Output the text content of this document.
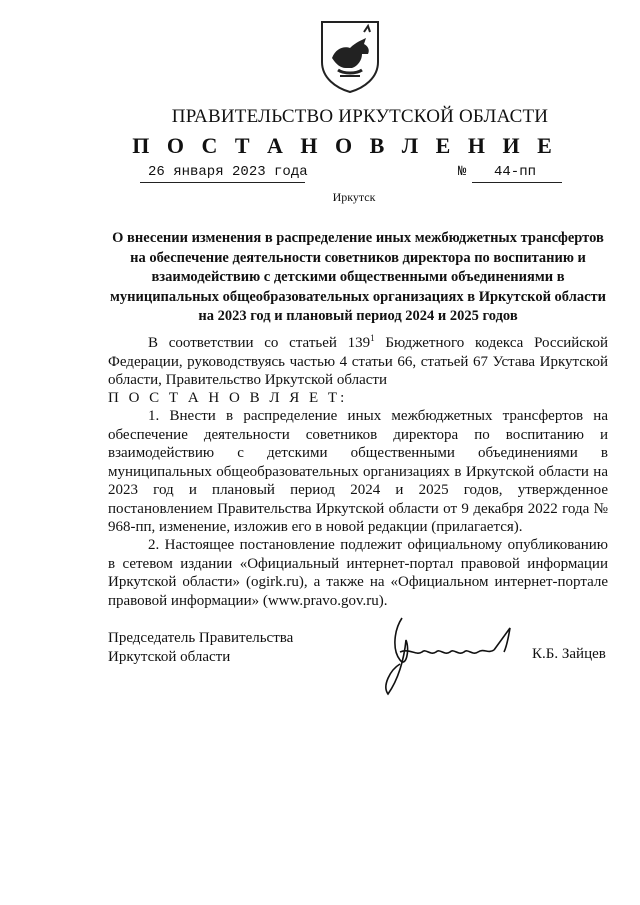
ПРАВИТЕЛЬСТВО ИРКУТСКОЙ ОБЛАСТИ
П О С Т А Н О В Л Е Н И Е
26 января 2023 года	№ 44-пп
Иркутск
О внесении изменения в распределение иных межбюджетных трансфертов на обеспечение деятельности советников директора по воспитанию и взаимодействию с детскими общественными объединениями в муниципальных общеобразовательных организациях в Иркутской области на 2023 год и плановый период 2024 и 2025 годов
В соответствии со статьей $139^1$ Бюджетного кодекса Российской Федерации, руководствуясь частью 4 статьи 66, статьей 67 Устава Иркутской области, Правительство Иркутской области
П О С Т А Н О В Л Я Е Т:
1. Внести в распределение иных межбюджетных трансфертов на обеспечение деятельности советников директора по воспитанию и взаимодействию с детскими общественными объединениями в муниципальных общеобразовательных организациях в Иркутской области на 2023 год и плановый период 2024 и 2025 годов, утвержденное постановлением Правительства Иркутской области от 9 декабря 2022 года № 968-пп, изменение, изложив его в новой редакции (прилагается).
2. Настоящее постановление подлежит официальному опубликованию в сетевом издании «Официальный интернет-портал правовой информации Иркутской области» (ogirk.ru), а также на «Официальном интернет-портале правовой информации» (www.pravo.gov.ru).
Председатель Правительства
Иркутской области	К.Б. Зайцев
